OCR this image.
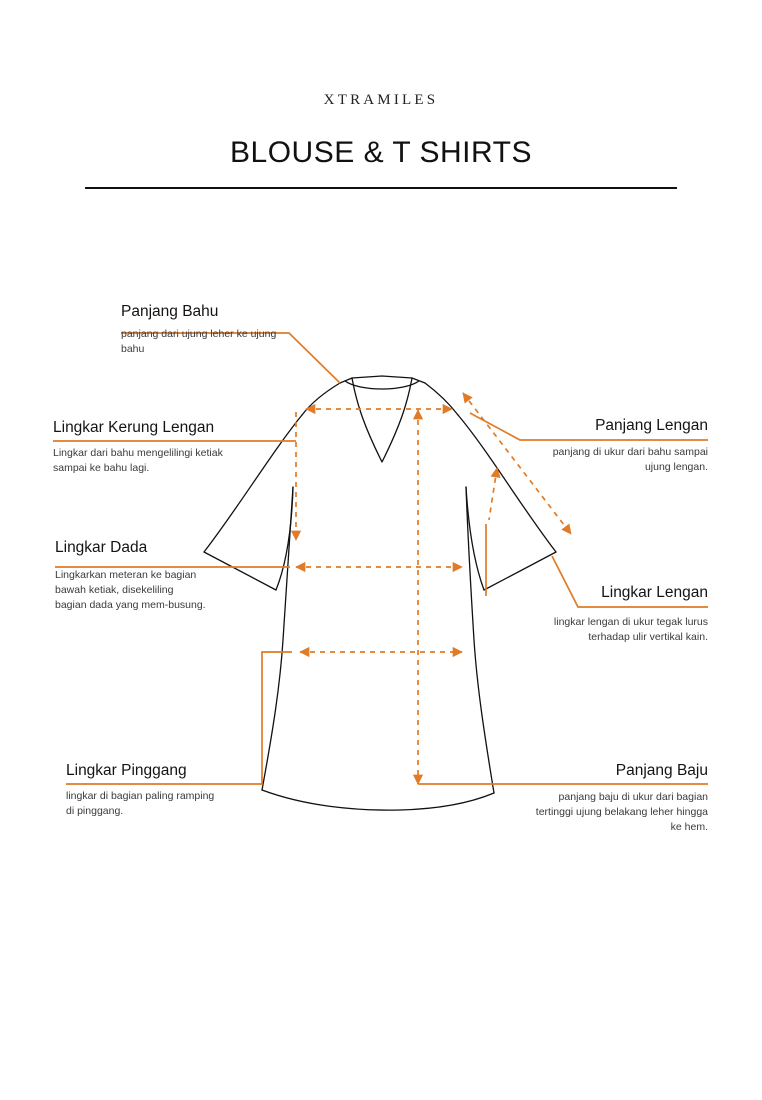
XTRAMILES
BLOUSE & T SHIRTS
Panjang Bahu
panjang dari ujung leher ke ujung bahu
Lingkar Kerung Lengan
Lingkar dari bahu mengelilingi ketiak sampai ke bahu lagi.
Lingkar Dada
Lingkarkan meteran ke bagian bawah ketiak, disekeliling bagian dada yang mem-busung.
Lingkar Pinggang
lingkar di bagian paling ramping di pinggang.
Panjang Lengan
panjang di ukur dari bahu sampai ujung lengan.
Lingkar Lengan
lingkar lengan di ukur tegak lurus terhadap ulir vertikal kain.
Panjang Baju
panjang baju di ukur dari bagian tertinggi ujung belakang leher hingga ke hem.
